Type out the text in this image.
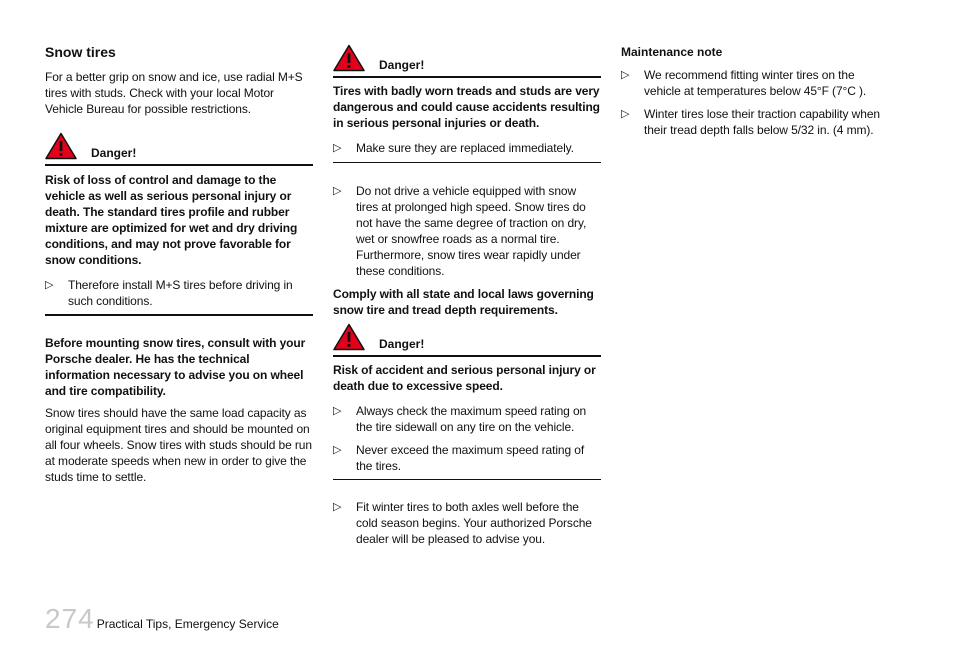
Snow tires

For a better grip on snow and ice, use radial M+S tires with studs. Check with your local Motor Vehicle Bureau for possible restrictions.

Danger!

Risk of loss of control and damage to the vehicle as well as serious personal injury or death. The standard tires profile and rubber mixture are optimized for wet and dry driving conditions, and may not prove favorable for snow conditions.

▷ Therefore install M+S tires before driving in such conditions.

Before mounting snow tires, consult with your Porsche dealer. He has the technical information necessary to advise you on wheel and tire compatibility.

Snow tires should have the same load capacity as original equipment tires and should be mounted on all four wheels. Snow tires with studs should be run at moderate speeds when new in order to give the studs time to settle.

Danger!

Tires with badly worn treads and studs are very dangerous and could cause accidents resulting in serious personal injuries or death.

▷ Make sure they are replaced immediately.
▷ Do not drive a vehicle equipped with snow tires at prolonged high speed. Snow tires do not have the same degree of traction on dry, wet or snowfree roads as a normal tire. Furthermore, snow tires wear rapidly under these conditions.

Comply with all state and local laws governing snow tire and tread depth requirements.

Danger!

Risk of accident and serious personal injury or death due to excessive speed.

▷ Always check the maximum speed rating on the tire sidewall on any tire on the vehicle.
▷ Never exceed the maximum speed rating of the tires.
▷ Fit winter tires to both axles well before the cold season begins. Your authorized Porsche dealer will be pleased to advise you.
Maintenance note
▷ We recommend fitting winter tires on the vehicle at temperatures below 45°F (7°C ).
▷ Winter tires lose their traction capability when their tread depth falls below 5/32 in. (4 mm).
274 Practical Tips, Emergency Service
